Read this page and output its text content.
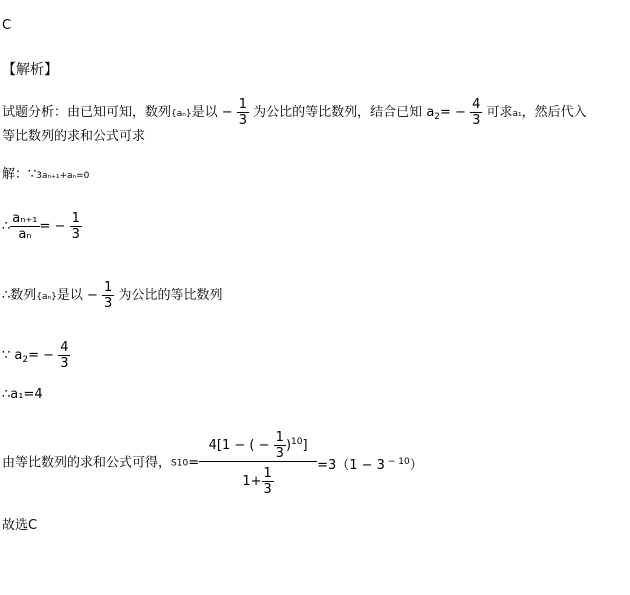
C
【解析】
试题分析：由已知可知，数列{aₙ}是以 − $\frac{1}{3}$ 为公比的等比数列，结合已知 $a_2= - \frac{4}{3}$ 可求a₁，然后代入
等比数列的求和公式可求
解：∵3aₙ₊₁+aₙ=0
∴ $\frac{\text{aₙ₊₁}}{\text{aₙ}}$ = − $\frac{1}{3}$
∴数列{aₙ}是以 − $\frac{1}{3}$ 为公比的等比数列
∵ $a_2= - \frac{4}{3}$
∴a₁=4
由等比数列的求和公式可得，$S10= \frac{4[1 - ( - \frac{1}{3} )^{10}]}{1+ \frac{1}{3}} =3(1 - 3$ $^{- 10}$）
故选C
